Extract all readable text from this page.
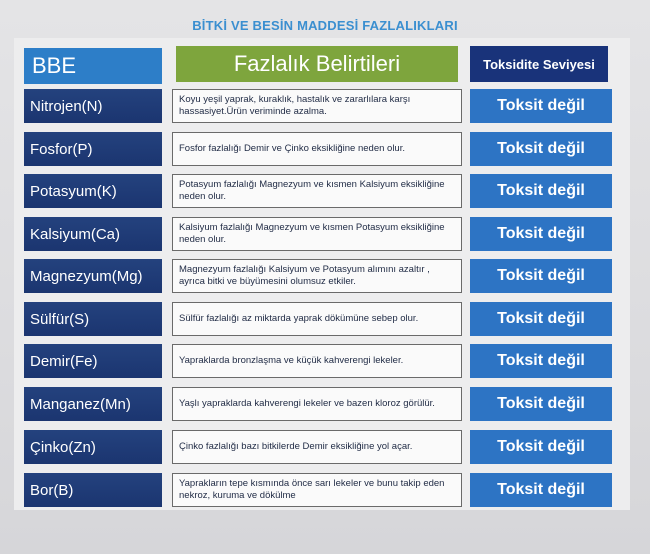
BİTKİ VE BESİN MADDESİ FAZLALIKLARI
BBE	Fazlalık Belirtileri	Toksidite Seviyesi
Nitrojen(N)	Koyu yeşil yaprak, kuraklık, hastalık ve zararlılara karşı hassasiyet.Ürün veriminde azalma.	Toksit değil
Fosfor(P)	Fosfor fazlalığı Demir ve Çinko eksikliğine neden olur.	Toksit değil
Potasyum(K)	Potasyum fazlalığı Magnezyum ve kısmen Kalsiyum eksikliğine neden olur.	Toksit değil
Kalsiyum(Ca)	Kalsiyum fazlalığı Magnezyum ve kısmen Potasyum eksikliğine neden olur.	Toksit değil
Magnezyum(Mg)	Magnezyum fazlalığı Kalsiyum ve Potasyum alımını azaltır , ayrıca bitki ve büyümesini olumsuz etkiler.	Toksit değil
Sülfür(S)	Sülfür fazlalığı az miktarda yaprak dökümüne sebep olur.	Toksit değil
Demir(Fe)	Yapraklarda bronzlaşma ve küçük kahverengi lekeler.	Toksit değil
Manganez(Mn)	Yaşlı yapraklarda kahverengi lekeler ve bazen kloroz görülür.	Toksit değil
Çinko(Zn)	Çinko fazlalığı bazı bitkilerde Demir eksikliğine yol açar.	Toksit değil
Bor(B)	Yaprakların tepe kısmında önce sarı lekeler ve bunu takip eden nekroz, kuruma ve dökülme	Toksit değil
